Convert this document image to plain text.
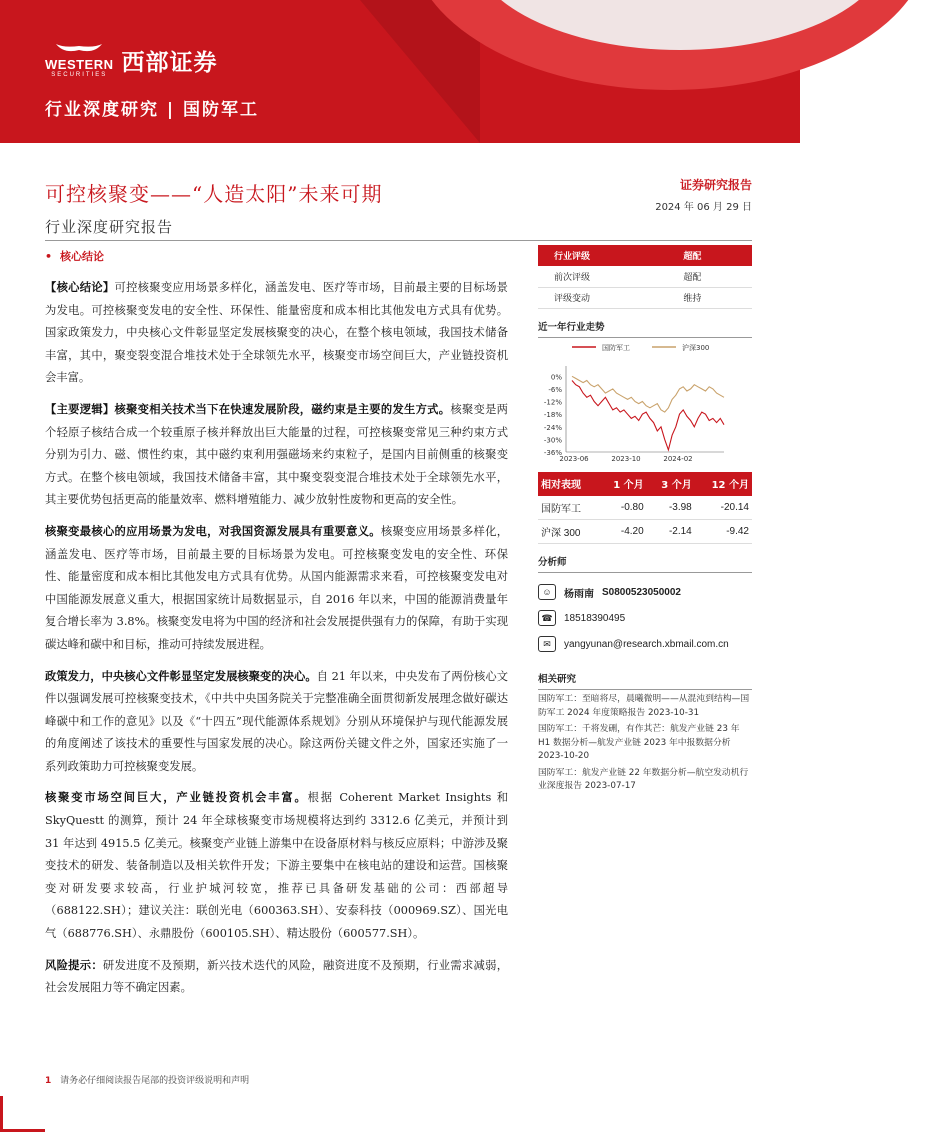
WESTERN
SECURITIES 西部证券
行业深度研究 | 国防军工
可控核聚变——“人造太阳”未来可期
行业深度研究报告
证券研究报告
2024 年 06 月 29 日
• 核心结论

【核心结论】可控核聚变应用场景多样化，涵盖发电、医疗等市场，目前最主要的目标场景为发电。可控核聚变发电的安全性、环保性、能量密度和成本相比其他发电方式具有优势。国家政策发力，中央核心文件彰显坚定发展核聚变的决心，在整个核电领域，我国技术储备丰富，其中，聚变裂变混合堆技术处于全球领先水平，核聚变市场空间巨大，产业链投资机会丰富。

【主要逻辑】核聚变相关技术当下在快速发展阶段，磁约束是主要的发生方式。核聚变是两个轻原子核结合成一个较重原子核并释放出巨大能量的过程，可控核聚变常见三种约束方式分别为引力、磁、惯性约束，其中磁约束利用强磁场来约束粒子，是国内目前侧重的核聚变方式。在整个核电领域，我国技术储备丰富，其中聚变裂变混合堆技术处于全球领先水平，其主要优势包括更高的能量效率、燃料增殖能力、减少放射性废物和更高的安全性。

核聚变最核心的应用场景为发电，对我国资源发展具有重要意义。核聚变应用场景多样化，涵盖发电、医疗等市场，目前最主要的目标场景为发电。可控核聚变发电的安全性、环保性、能量密度和成本相比其他发电方式具有优势。从国内能源需求来看，可控核聚变发电对中国能源发展意义重大，根据国家统计局数据显示，自 2016 年以来，中国的能源消费量年复合增长率为 3.8%。核聚变发电将为中国的经济和社会发展提供强有力的保障，有助于实现碳达峰和碳中和目标，推动可持续发展进程。

政策发力，中央核心文件彰显坚定发展核聚变的决心。自 21 年以来，中央发布了两份核心文件以强调发展可控核聚变技术，《中共中央国务院关于完整准确全面贯彻新发展理念做好碳达峰碳中和工作的意见》以及《“十四五”现代能源体系规划》分别从环境保护与现代能源发展的角度阐述了该技术的重要性与国家发展的决心。除这两份关键文件之外，国家还实施了一系列政策助力可控核聚变发展。

核聚变市场空间巨大，产业链投资机会丰富。根据 Coherent Market Insights 和 SkyQuestt 的测算，预计 24 年全球核聚变市场规模将达到约 3312.6 亿美元，并预计到 31 年达到 4915.5 亿美元。核聚变产业链上游集中在设备原材料与核反应原料；中游涉及聚变技术的研发、装备制造以及相关软件开发；下游主要集中在核电站的建设和运营。国核聚变对研发要求较高，行业护城河较宽，推荐已具备研发基础的公司：西部超导（688122.SH）；建议关注：联创光电（600363.SH）、安泰科技（000969.SZ）、国光电气（688776.SH）、永鼎股份（600105.SH）、精达股份（600577.SH）。

风险提示：研发进度不及预期，新兴技术迭代的风险，融资进度不及预期，行业需求减弱，社会发展阻力等不确定因素。

行业评级	超配
前次评级	超配
评级变动	维持
近一年行业走势
国防军工	沪深300
0%
-6%
-12%
-18%
-24%
-30%
-36%
2023-06	2023-10	2024-02
相对表现	1 个月	3 个月	12 个月
国防军工	-0.80	-3.98	-20.14
沪深 300	-4.20	-2.14	-9.42
分析师
☺	杨雨南 S0800523050002
☎	18518390495
✉	yangyunan@research.xbmail.com.cn
相关研究

国防军工：至暗将尽，晨曦微明——从混沌到结构—国防军工 2024 年度策略报告 2023-10-31

国防军工：千将发硎，有作其芒：航发产业链 23 年 H1 数据分析—航发产业链 2023 年中报数据分析 2023-10-20

国防军工：航发产业链 22 年数据分析—航空发动机行业深度报告 2023-07-17

1 请务必仔细阅读报告尾部的投资评级说明和声明
